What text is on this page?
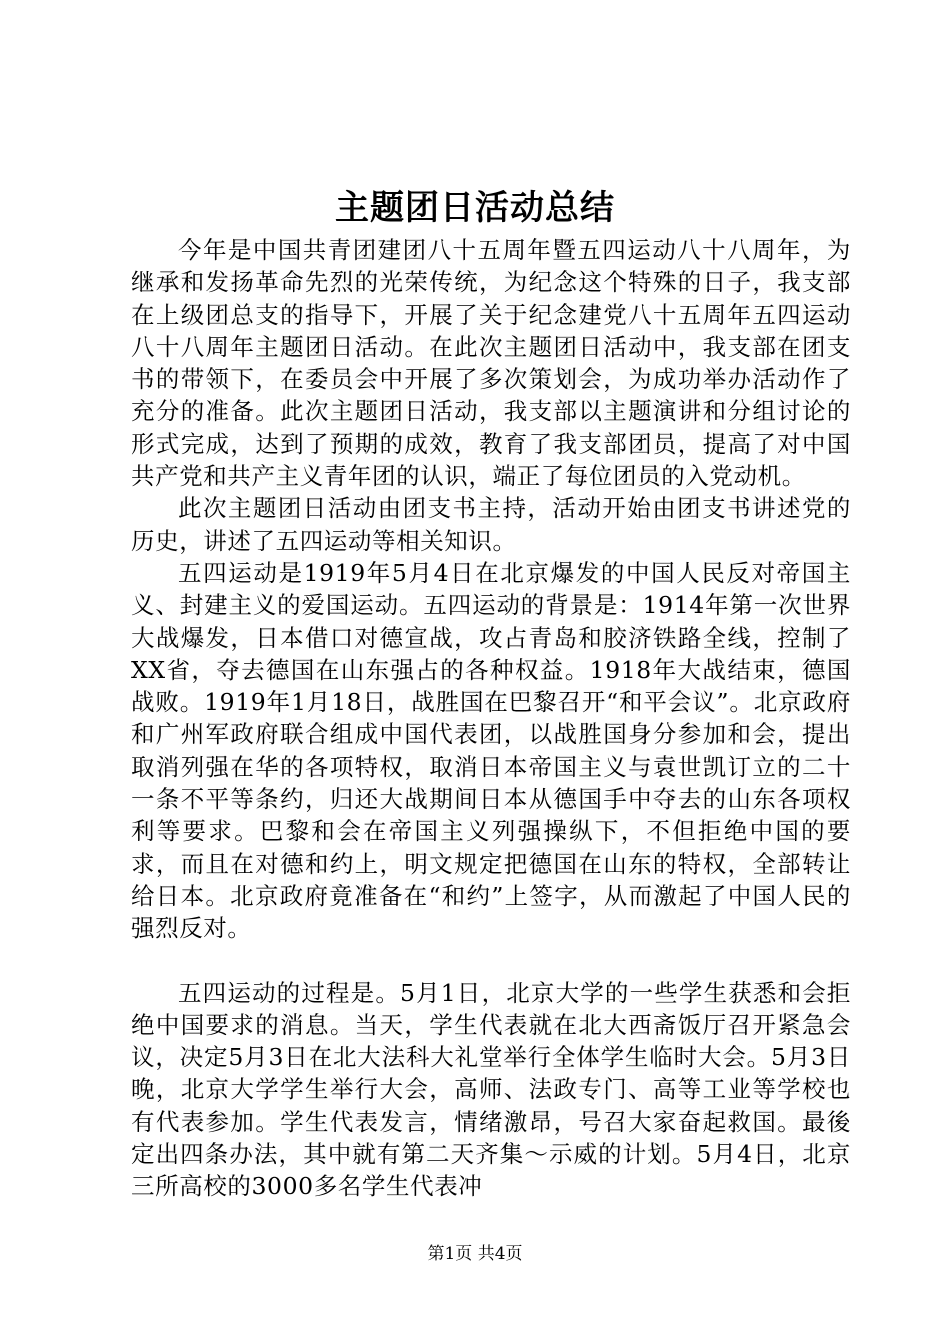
主题团日活动总结

今年是中国共青团建团八十五周年暨五四运动八十八周年，为继承和发扬革命先烈的光荣传统，为纪念这个特殊的日子，我支部在上级团总支的指导下，开展了关于纪念建党八十五周年五四运动八十八周年主题团日活动。在此次主题团日活动中，我支部在团支书的带领下，在委员会中开展了多次策划会，为成功举办活动作了充分的准备。此次主题团日活动，我支部以主题演讲和分组讨论的形式完成，达到了预期的成效，教育了我支部团员，提高了对中国共产党和共产主义青年团的认识，端正了每位团员的入党动机。

此次主题团日活动由团支书主持，活动开始由团支书讲述党的历史，讲述了五四运动等相关知识。

五四运动是1919年5月4日在北京爆发的中国人民反对帝国主义、封建主义的爱国运动。五四运动的背景是：1914年第一次世界大战爆发，日本借口对德宣战，攻占青岛和胶济铁路全线，控制了XX省，夺去德国在山东强占的各种权益。1918年大战结束，德国战败。1919年1月18日，战胜国在巴黎召开“和平会议”。北京政府和广州军政府联合组成中国代表团，以战胜国身分参加和会，提出取消列强在华的各项特权，取消日本帝国主义与袁世凯订立的二十一条不平等条约，归还大战期间日本从德国手中夺去的山东各项权利等要求。巴黎和会在帝国主义列强操纵下，不但拒绝中国的要求，而且在对德和约上，明文规定把德国在山东的特权，全部转让给日本。北京政府竟准备在“和约”上签字，从而激起了中国人民的强烈反对。

五四运动的过程是。5月1日，北京大学的一些学生获悉和会拒绝中国要求的消息。当天，学生代表就在北大西斋饭厅召开紧急会议，决定5月3日在北大法科大礼堂举行全体学生临时大会。5月3日晚，北京大学学生举行大会，高师、法政专门、高等工业等学校也有代表参加。学生代表发言，情绪激昂，号召大家奋起救国。最後定出四条办法，其中就有第二天齐集～示威的计划。5月4日，北京三所高校的3000多名学生代表冲

第1页 共4页
